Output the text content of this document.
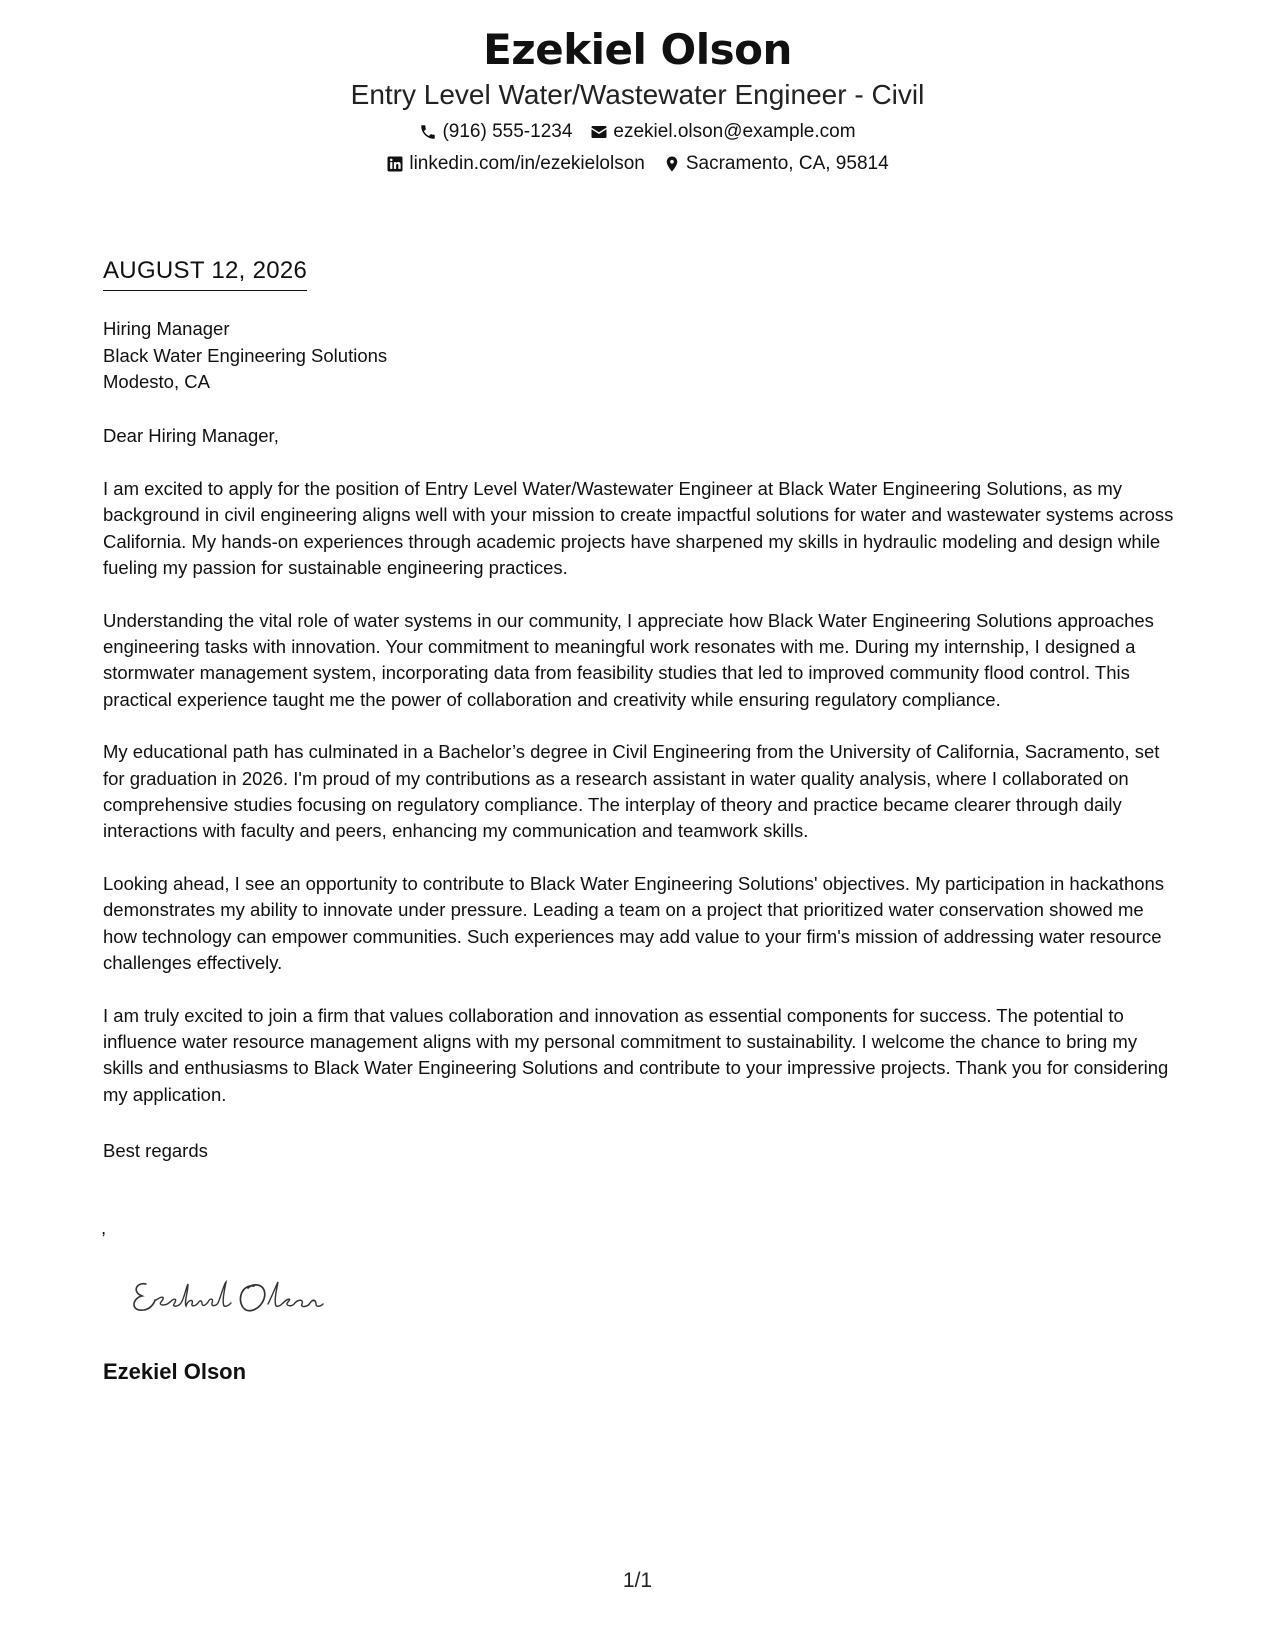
Ezekiel Olson
Entry Level Water/Wastewater Engineer - Civil
(916) 555-1234 ezekiel.olson@example.com
linkedin.com/in/ezekielolson Sacramento, CA, 95814
AUGUST 12, 2026
Hiring Manager
Black Water Engineering Solutions
Modesto, CA
Dear Hiring Manager,

I am excited to apply for the position of Entry Level Water/Wastewater Engineer at Black Water Engineering Solutions, as my background in civil engineering aligns well with your mission to create impactful solutions for water and wastewater systems across California. My hands-on experiences through academic projects have sharpened my skills in hydraulic modeling and design while fueling my passion for sustainable engineering practices.

Understanding the vital role of water systems in our community, I appreciate how Black Water Engineering Solutions approaches engineering tasks with innovation. Your commitment to meaningful work resonates with me. During my internship, I designed a stormwater management system, incorporating data from feasibility studies that led to improved community flood control. This practical experience taught me the power of collaboration and creativity while ensuring regulatory compliance.

My educational path has culminated in a Bachelor’s degree in Civil Engineering from the University of California, Sacramento, set for graduation in 2026. I'm proud of my contributions as a research assistant in water quality analysis, where I collaborated on comprehensive studies focusing on regulatory compliance. The interplay of theory and practice became clearer through daily interactions with faculty and peers, enhancing my communication and teamwork skills.

Looking ahead, I see an opportunity to contribute to Black Water Engineering Solutions' objectives. My participation in hackathons demonstrates my ability to innovate under pressure. Leading a team on a project that prioritized water conservation showed me how technology can empower communities. Such experiences may add value to your firm's mission of addressing water resource challenges effectively.

I am truly excited to join a firm that values collaboration and innovation as essential components for success. The potential to influence water resource management aligns with my personal commitment to sustainability. I welcome the chance to bring my skills and enthusiasms to Black Water Engineering Solutions and contribute to your impressive projects. Thank you for considering my application.

Best regards
,
Ezekiel Olson
1/1
